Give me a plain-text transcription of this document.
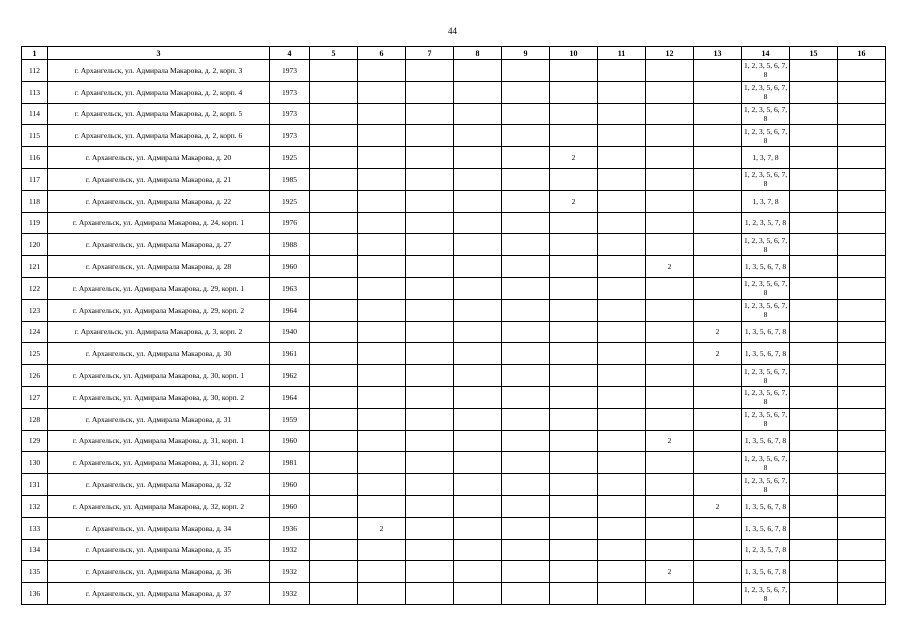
44
1	3	4	5	6	7	8	9	10	11	12	13	14	15	16
112	г. Архангельск, ул. Адмирала Макарова, д. 2, корп. 3	1973										1, 2, 3, 5, 6, 7, 8		
113	г. Архангельск, ул. Адмирала Макарова, д. 2, корп. 4	1973										1, 2, 3, 5, 6, 7, 8		
114	г. Архангельск, ул. Адмирала Макарова, д. 2, корп. 5	1973										1, 2, 3, 5, 6, 7, 8		
115	г. Архангельск, ул. Адмирала Макарова, д. 2, корп. 6	1973										1, 2, 3, 5, 6, 7, 8		
116	г. Архангельск, ул. Адмирала Макарова, д. 20	1925						2				1, 3, 7, 8		
117	г. Архангельск, ул. Адмирала Макарова, д. 21	1985										1, 2, 3, 5, 6, 7, 8		
118	г. Архангельск, ул. Адмирала Макарова, д. 22	1925						2				1, 3, 7, 8		
119	г. Архангельск, ул. Адмирала Макарова, д. 24, корп. 1	1976										1, 2, 3, 5, 7, 8		
120	г. Архангельск, ул. Адмирала Макарова, д. 27	1988										1, 2, 3, 5, 6, 7, 8		
121	г. Архангельск, ул. Адмирала Макарова, д. 28	1960								2		1, 3, 5, 6, 7, 8		
122	г. Архангельск, ул. Адмирала Макарова, д. 29, корп. 1	1963										1, 2, 3, 5, 6, 7, 8		
123	г. Архангельск, ул. Адмирала Макарова, д. 29, корп. 2	1964										1, 2, 3, 5, 6, 7, 8		
124	г. Архангельск, ул. Адмирала Макарова, д. 3, корп. 2	1940									2	1, 3, 5, 6, 7, 8		
125	г. Архангельск, ул. Адмирала Макарова, д. 30	1961									2	1, 3, 5, 6, 7, 8		
126	г. Архангельск, ул. Адмирала Макарова, д. 30, корп. 1	1962										1, 2, 3, 5, 6, 7, 8		
127	г. Архангельск, ул. Адмирала Макарова, д. 30, корп. 2	1964										1, 2, 3, 5, 6, 7, 8		
128	г. Архангельск, ул. Адмирала Макарова, д. 31	1959										1, 2, 3, 5, 6, 7, 8		
129	г. Архангельск, ул. Адмирала Макарова, д. 31, корп. 1	1960								2		1, 3, 5, 6, 7, 8		
130	г. Архангельск, ул. Адмирала Макарова, д. 31, корп. 2	1981										1, 2, 3, 5, 6, 7, 8		
131	г. Архангельск, ул. Адмирала Макарова, д. 32	1960										1, 2, 3, 5, 6, 7, 8		
132	г. Архангельск, ул. Адмирала Макарова, д. 32, корп. 2	1960									2	1, 3, 5, 6, 7, 8		
133	г. Архангельск, ул. Адмирала Макарова, д. 34	1936		2								1, 3, 5, 6, 7, 8		
134	г. Архангельск, ул. Адмирала Макарова, д. 35	1932										1, 2, 3, 5, 7, 8		
135	г. Архангельск, ул. Адмирала Макарова, д. 36	1932								2		1, 3, 5, 6, 7, 8		
136	г. Архангельск, ул. Адмирала Макарова, д. 37	1932										1, 2, 3, 5, 6, 7, 8		
